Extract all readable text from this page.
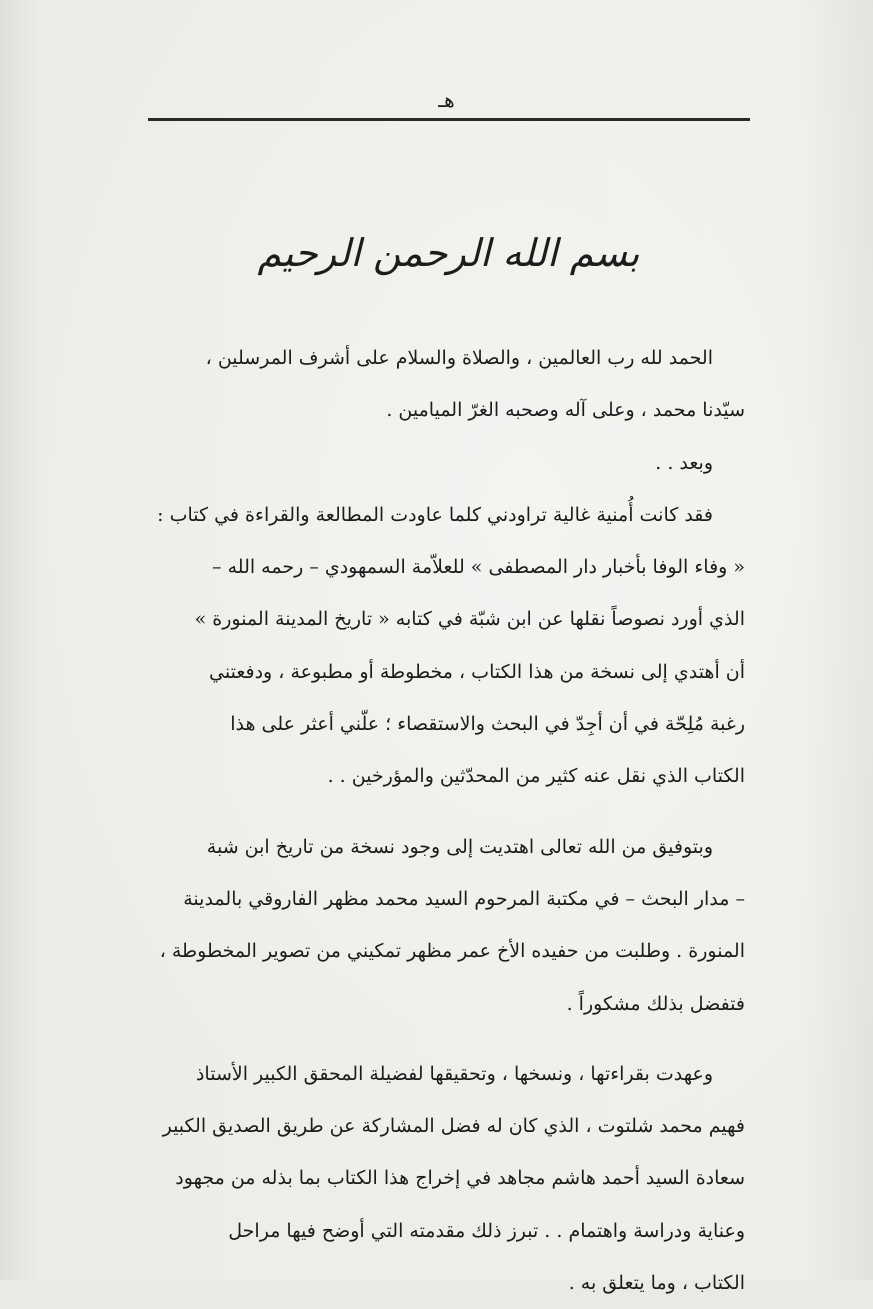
هـ
بسم الله الرحمن الرحيم

الحمد لله رب العالمين ، والصلاة والسلام على أشرف المرسلين ،
سيّدنا محمد ، وعلى آله وصحبه الغرّ الميامين .

وبعد . .

فقد كانت أُمنية غالية تراودني كلما عاودت المطالعة والقراءة في كتاب :
« وفاء الوفا بأخبار دار المصطفى » للعلاّمة السمهودي – رحمه الله –
الذي أورد نصوصاً نقلها عن ابن شبّة في كتابه « تاريخ المدينة المنورة »
أن أهتدي إلى نسخة من هذا الكتاب ، مخطوطة أو مطبوعة ، ودفعتني
رغبة مُلِحّة في أن أجِدّ في البحث والاستقصاء ؛ علّني أعثر على هذا
الكتاب الذي نقل عنه كثير من المحدّثين والمؤرخين . .

وبتوفيق من الله تعالى اهتديت إلى وجود نسخة من تاريخ ابن شبة
– مدار البحث – في مكتبة المرحوم السيد محمد مظهر الفاروقي بالمدينة
المنورة . وطلبت من حفيده الأخ عمر مظهر تمكيني من تصوير المخطوطة ،
فتفضل بذلك مشكوراً .

وعهدت بقراءتها ، ونسخها ، وتحقيقها لفضيلة المحقق الكبير الأستاذ
فهيم محمد شلتوت ، الذي كان له فضل المشاركة عن طريق الصديق الكبير
سعادة السيد أحمد هاشم مجاهد في إخراج هذا الكتاب بما بذله من مجهود
وعناية ودراسة واهتمام . . تبرز ذلك مقدمته التي أوضح فيها مراحل
الكتاب ، وما يتعلق به .
